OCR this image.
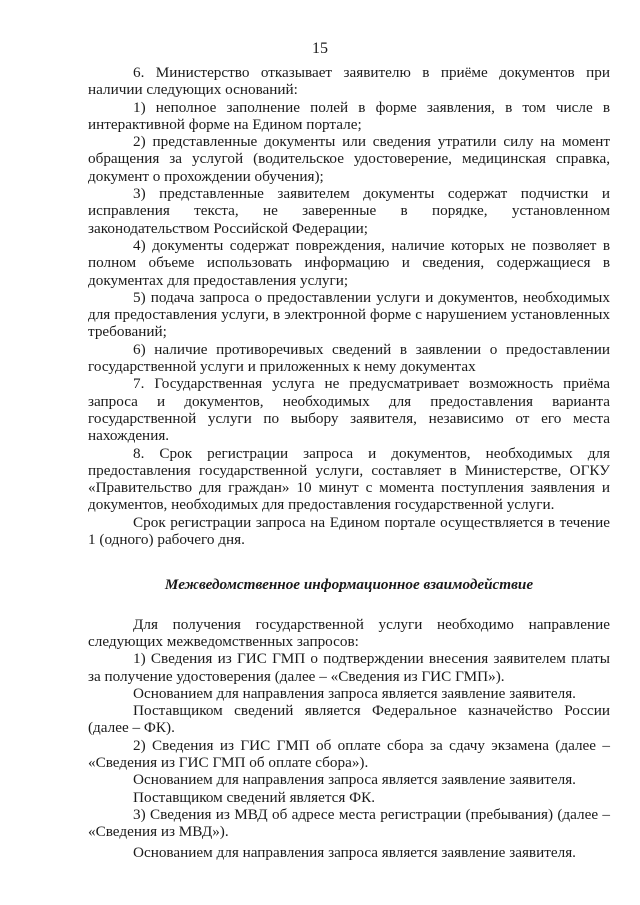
15

6. Министерство отказывает заявителю в приёме документов при наличии следующих оснований:

1) неполное заполнение полей в форме заявления, в том числе в интерактивной форме на Едином портале;

2) представленные документы или сведения утратили силу на момент обращения за услугой (водительское удостоверение, медицинская справка, документ о прохождении обучения);

3) представленные заявителем документы содержат подчистки и исправления текста, не заверенные в порядке, установленном законодательством Российской Федерации;

4) документы содержат повреждения, наличие которых не позволяет в полном объеме использовать информацию и сведения, содержащиеся в документах для предоставления услуги;

5) подача запроса о предоставлении услуги и документов, необходимых для предоставления услуги, в электронной форме с нарушением установленных требований;

6) наличие противоречивых сведений в заявлении о предоставлении государственной услуги и приложенных к нему документах

7. Государственная услуга не предусматривает возможность приёма запроса и документов, необходимых для предоставления варианта государственной услуги по выбору заявителя, независимо от его места нахождения.

8. Срок регистрации запроса и документов, необходимых для предоставления государственной услуги, составляет в Министерстве, ОГКУ «Правительство для граждан» 10 минут с момента поступления заявления и документов, необходимых для предоставления государственной услуги.

Срок регистрации запроса на Едином портале осуществляется в течение 1 (одного) рабочего дня.

Межведомственное информационное взаимодействие

Для получения государственной услуги необходимо направление следующих межведомственных запросов:

1) Сведения из ГИС ГМП о подтверждении внесения заявителем платы за получение удостоверения (далее – «Сведения из ГИС ГМП»).

Основанием для направления запроса является заявление заявителя.

Поставщиком сведений является Федеральное казначейство России (далее – ФК).

2) Сведения из ГИС ГМП об оплате сбора за сдачу экзамена (далее – «Сведения из ГИС ГМП об оплате сбора»).

Основанием для направления запроса является заявление заявителя.

Поставщиком сведений является ФК.

3) Сведения из МВД об адресе места регистрации (пребывания) (далее – «Сведения из МВД»).

Основанием для направления запроса является заявление заявителя.
